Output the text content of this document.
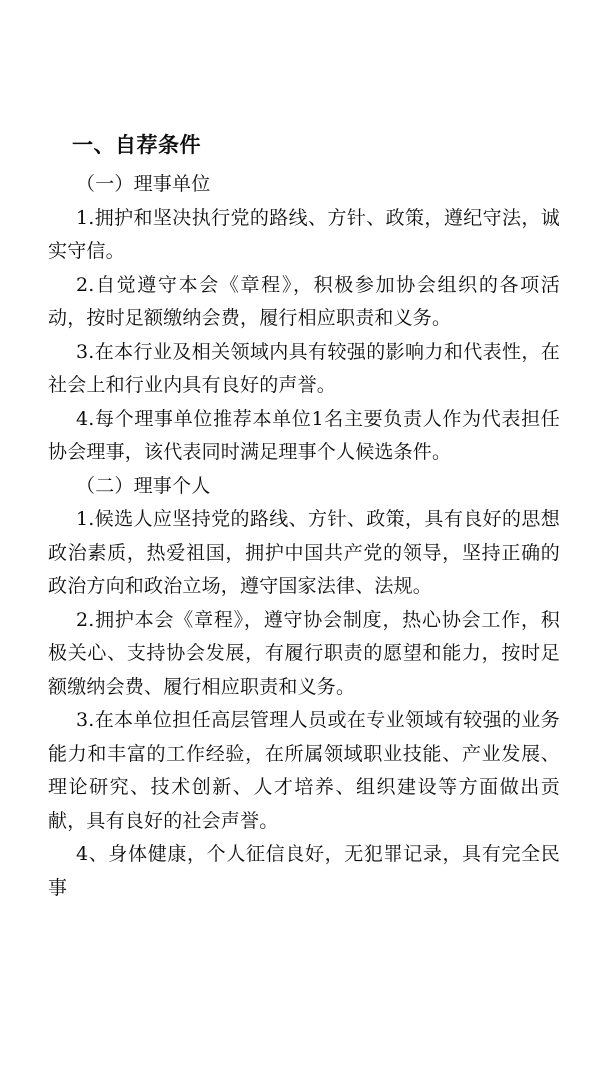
一、自荐条件

（一）理事单位

1.拥护和坚决执行党的路线、方针、政策，遵纪守法，诚实守信。

2.自觉遵守本会《章程》，积极参加协会组织的各项活动，按时足额缴纳会费，履行相应职责和义务。

3.在本行业及相关领域内具有较强的影响力和代表性，在社会上和行业内具有良好的声誉。

4.每个理事单位推荐本单位1名主要负责人作为代表担任协会理事，该代表同时满足理事个人候选条件。

（二）理事个人

1.候选人应坚持党的路线、方针、政策，具有良好的思想政治素质，热爱祖国，拥护中国共产党的领导，坚持正确的政治方向和政治立场，遵守国家法律、法规。

2.拥护本会《章程》，遵守协会制度，热心协会工作，积极关心、支持协会发展，有履行职责的愿望和能力，按时足额缴纳会费、履行相应职责和义务。

3.在本单位担任高层管理人员或在专业领域有较强的业务能力和丰富的工作经验，在所属领域职业技能、产业发展、理论研究、技术创新、人才培养、组织建设等方面做出贡献，具有良好的社会声誉。

4、身体健康，个人征信良好，无犯罪记录，具有完全民事
